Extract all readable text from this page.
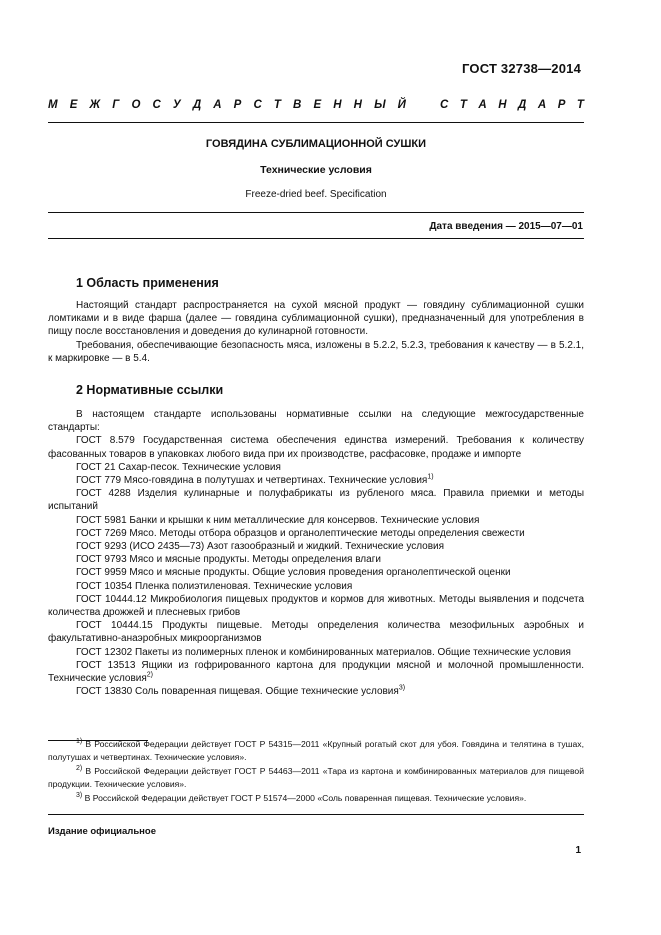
ГОСТ 32738—2014
М Е Ж Г О С У Д А Р С Т В Е Н Н Ы Й	С Т А Н Д А Р Т
ГОВЯДИНА СУБЛИМАЦИОННОЙ СУШКИ
Технические условия
Freeze-dried beef. Specification
Дата введения — 2015—07—01
1 Область применения

Настоящий стандарт распространяется на сухой мясной продукт — говядину сублимационной сушки ломтиками и в виде фарша (далее — говядина сублимационной сушки), предназначенный для употребления в пищу после восстановления и доведения до кулинарной готовности.

Требования, обеспечивающие безопасность мяса, изложены в 5.2.2, 5.2.3, требования к качеству — в 5.2.1, к маркировке — в 5.4.

2 Нормативные ссылки

В настоящем стандарте использованы нормативные ссылки на следующие межгосударственные стандарты:

ГОСТ 8.579 Государственная система обеспечения единства измерений. Требования к количеству фасованных товаров в упаковках любого вида при их производстве, расфасовке, продаже и импорте

ГОСТ 21 Сахар-песок. Технические условия

ГОСТ 779 Мясо-говядина в полутушах и четвертинах. Технические условия$^{1)}$

ГОСТ 4288 Изделия кулинарные и полуфабрикаты из рубленого мяса. Правила приемки и методы испытаний

ГОСТ 5981 Банки и крышки к ним металлические для консервов. Технические условия

ГОСТ 7269 Мясо. Методы отбора образцов и органолептические методы определения свежести

ГОСТ 9293 (ИСО 2435—73) Азот газообразный и жидкий. Технические условия

ГОСТ 9793 Мясо и мясные продукты. Методы определения влаги

ГОСТ 9959 Мясо и мясные продукты. Общие условия проведения органолептической оценки

ГОСТ 10354 Пленка полиэтиленовая. Технические условия

ГОСТ 10444.12 Микробиология пищевых продуктов и кормов для животных. Методы выявления и подсчета количества дрожжей и плесневых грибов

ГОСТ 10444.15 Продукты пищевые. Методы определения количества мезофильных аэробных и факультативно-анаэробных микроорганизмов

ГОСТ 12302 Пакеты из полимерных пленок и комбинированных материалов. Общие технические условия

ГОСТ 13513 Ящики из гофрированного картона для продукции мясной и молочной промышленности. Технические условия$^{2)}$

ГОСТ 13830 Соль поваренная пищевая. Общие технические условия$^{3)}$

$^{1)}$ В Российской Федерации действует ГОСТ Р 54315—2011 «Крупный рогатый скот для убоя. Говядина и телятина в тушах, полутушах и четвертинах. Технические условия».

$^{2)}$ В Российской Федерации действует ГОСТ Р 54463—2011 «Тара из картона и комбинированных материалов для пищевой продукции. Технические условия».

$^{3)}$ В Российской Федерации действует ГОСТ Р 51574—2000 «Соль поваренная пищевая. Технические условия».

Издание официальное
1
